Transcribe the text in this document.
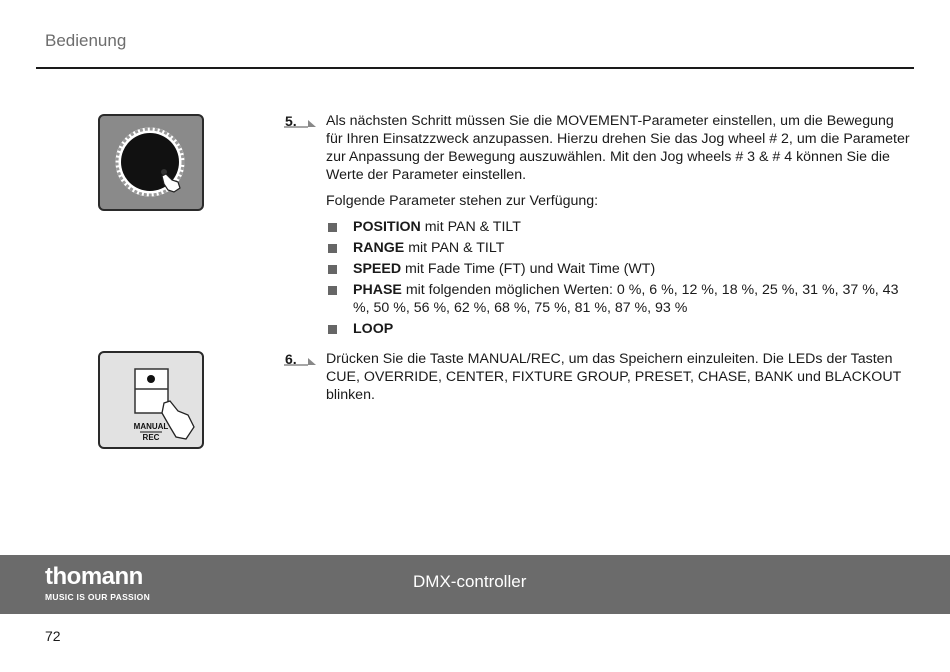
Bedienung
MANUAL
REC
5. Als nächsten Schritt müssen Sie die MOVEMENT-Parameter einstellen, um die Bewegung für Ihren Einsatzzweck anzupassen. Hierzu drehen Sie das Jog wheel # 2, um die Parameter zur Anpassung der Bewegung auszuwählen. Mit den Jog wheels # 3 & # 4 können Sie die Werte der Parameter einstellen.

Folgende Parameter stehen zur Verfügung:

POSITION mit PAN & TILT
RANGE mit PAN & TILT
SPEED mit Fade Time (FT) und Wait Time (WT)
PHASE mit folgenden möglichen Werten: 0 %, 6 %, 12 %, 18 %, 25 %, 31 %, 37 %, 43 %, 50 %, 56 %, 62 %, 68 %, 75 %, 81 %, 87 %, 93 %
LOOP
6. Drücken Sie die Taste MANUAL/REC, um das Speichern einzuleiten. Die LEDs der Tasten CUE, OVERRIDE, CENTER, FIXTURE GROUP, PRESET, CHASE, BANK und BLACKOUT blinken.

thomann
MUSIC IS OUR PASSION
DMX-controller
72
